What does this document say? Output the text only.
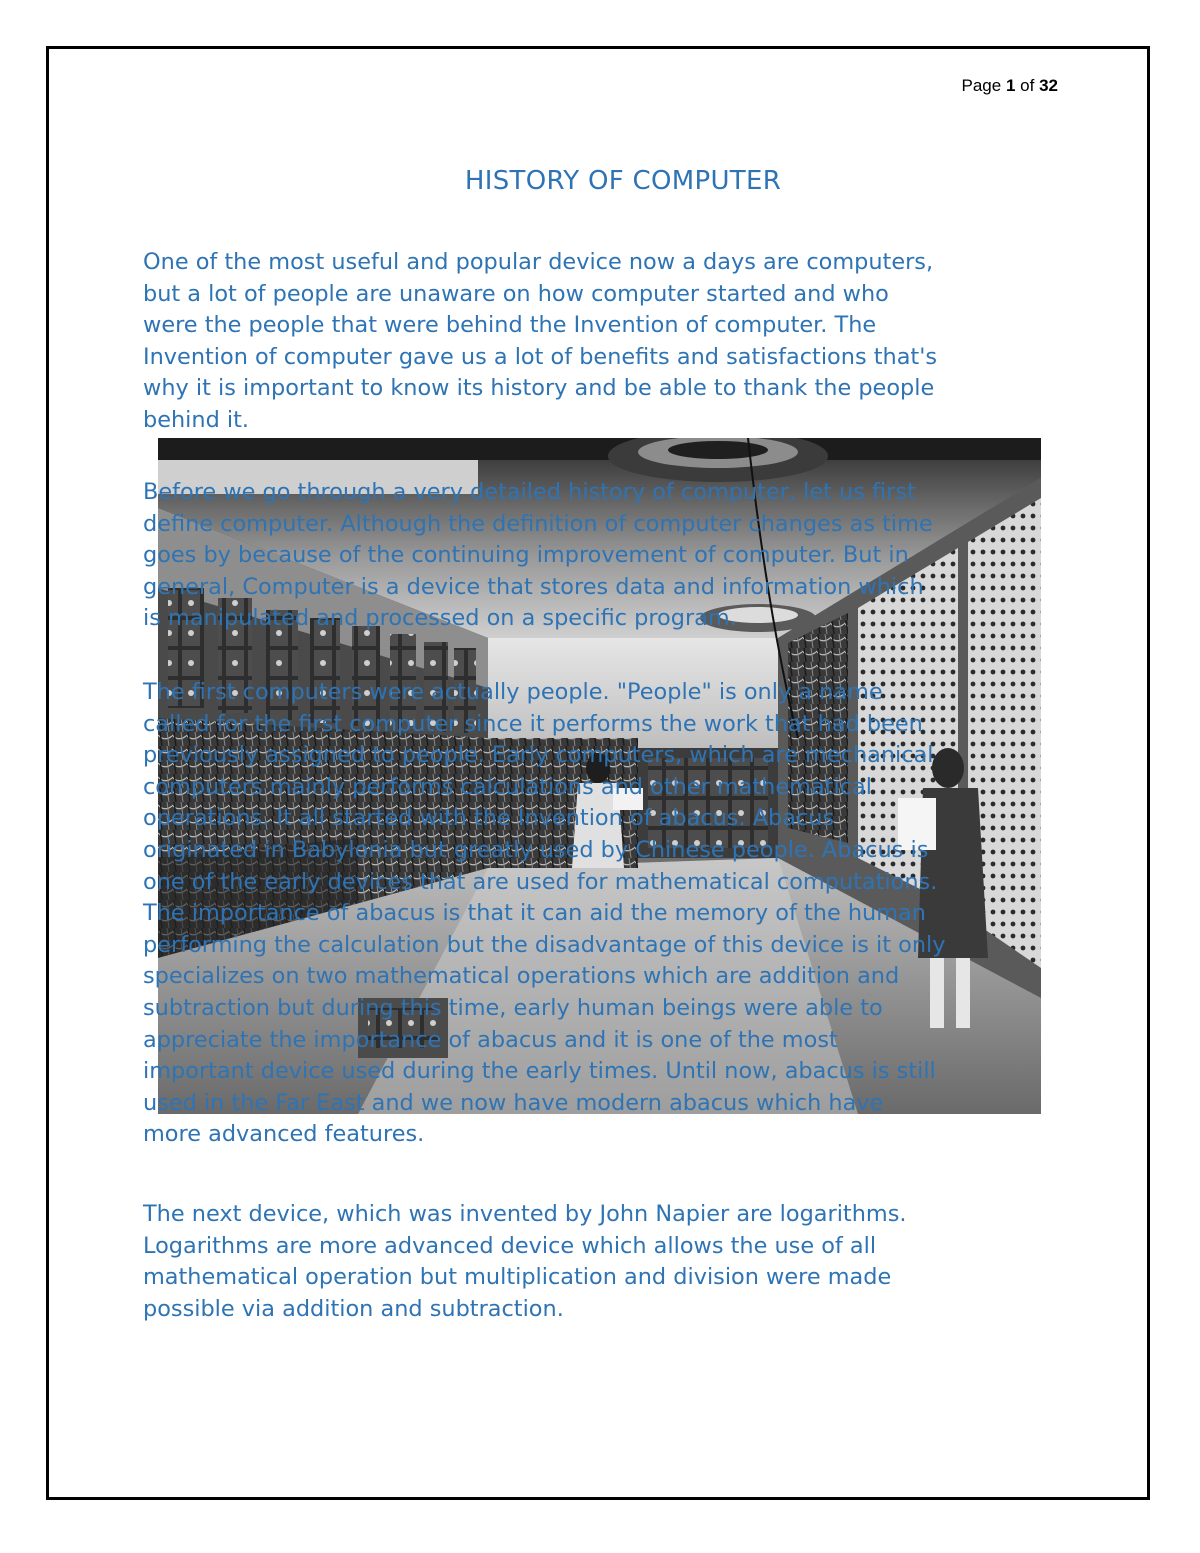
Page 1 of 32
HISTORY OF COMPUTER
One of the most useful and popular device now a days are computers,
but a lot of people are unaware on how computer started and who
were the people that were behind the Invention of computer. The
Invention of computer gave us a lot of benefits and satisfactions that's
why it is important to know its history and be able to thank the people
behind it.
Before we go through a very detailed history of computer, let us first
define computer. Although the definition of computer changes as time
goes by because of the continuing improvement of computer. But in
general, Computer is a device that stores data and information which
is manipulated and processed on a specific program.
The first computers were actually people. "People" is only a name
called for the first computer since it performs the work that had been
previously assigned to people. Early computers, which are mechanical
computers mainly performs calculations and other mathematical
operations. It all started with the Invention of abacus. Abacus
originated in Babylonia but greatly used by Chinese people. Abacus is
one of the early devices that are used for mathematical computations.
The importance of abacus is that it can aid the memory of the human
performing the calculation but the disadvantage of this device is it only
specializes on two mathematical operations which are addition and
subtraction but during this time, early human beings were able to
appreciate the importance of abacus and it is one of the most
important device used during the early times. Until now, abacus is still
used in the Far East and we now have modern abacus which have
more advanced features.
The next device, which was invented by John Napier are logarithms.
Logarithms are more advanced device which allows the use of all
mathematical operation but multiplication and division were made
possible via addition and subtraction.
